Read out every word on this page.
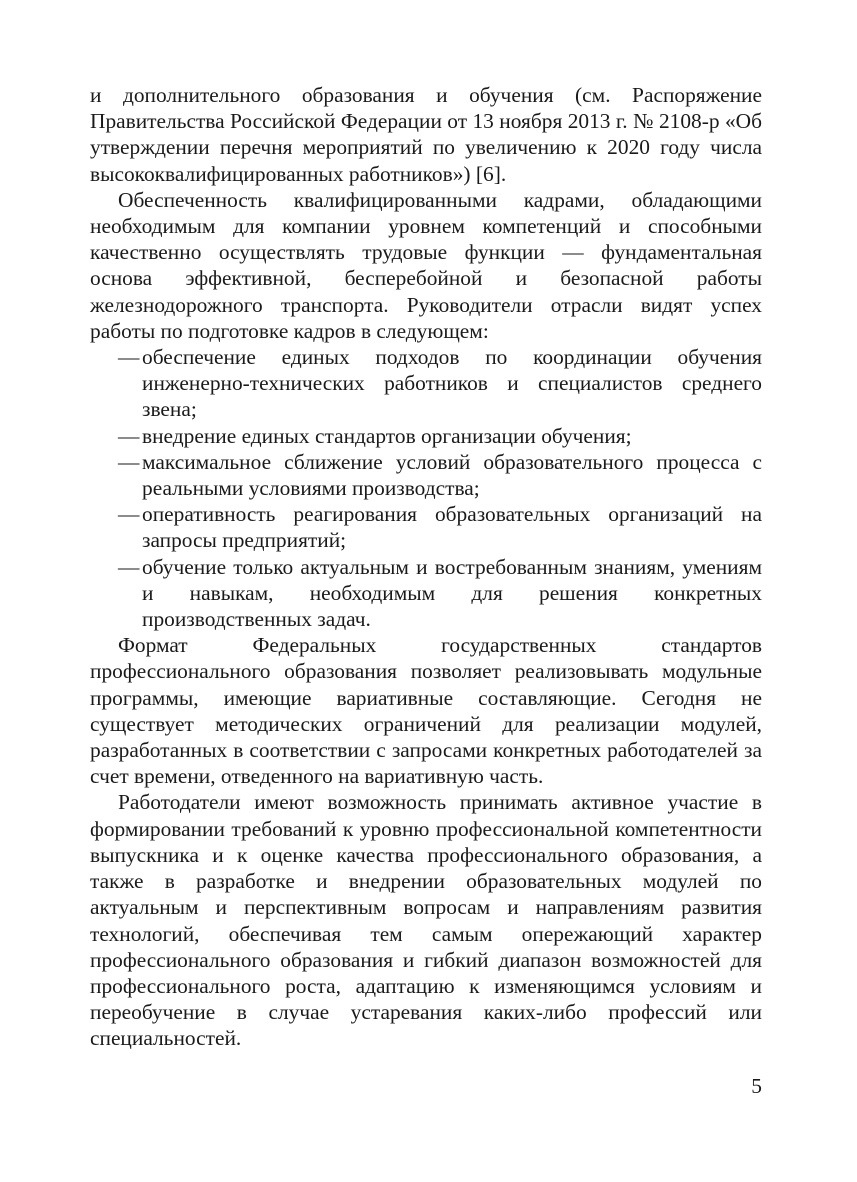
и дополнительного образования и обучения (см. Распоряжение Правительства Российской Федерации от 13 ноября 2013 г. № 2108-р «Об утверждении перечня мероприятий по увеличению к 2020 году числа высококвалифицированных работников») [6].

Обеспеченность квалифицированными кадрами, обладающими необходимым для компании уровнем компетенций и способными качественно осуществлять трудовые функции — фундаментальная основа эффективной, бесперебойной и безопасной работы железнодорожного транспорта. Руководители отрасли видят успех работы по подготовке кадров в следующем:

— обеспечение единых подходов по координации обучения инженерно-технических работников и специалистов среднего звена;
— внедрение единых стандартов организации обучения;
— максимальное сближение условий образовательного процесса с реальными условиями производства;
— оперативность реагирования образовательных организаций на запросы предприятий;
— обучение только актуальным и востребованным знаниям, умениям и навыкам, необходимым для решения конкретных производственных задач.

Формат Федеральных государственных стандартов профессионального образования позволяет реализовывать модульные программы, имеющие вариативные составляющие. Сегодня не существует методических ограничений для реализации модулей, разработанных в соответствии с запросами конкретных работодателей за счет времени, отведенного на вариативную часть.

Работодатели имеют возможность принимать активное участие в формировании требований к уровню профессиональной компетентности выпускника и к оценке качества профессионального образования, а также в разработке и внедрении образовательных модулей по актуальным и перспективным вопросам и направлениям развития технологий, обеспечивая тем самым опережающий характер профессионального образования и гибкий диапазон возможностей для профессионального роста, адаптацию к изменяющимся условиям и переобучение в случае устаревания каких-либо профессий или специальностей.

5
